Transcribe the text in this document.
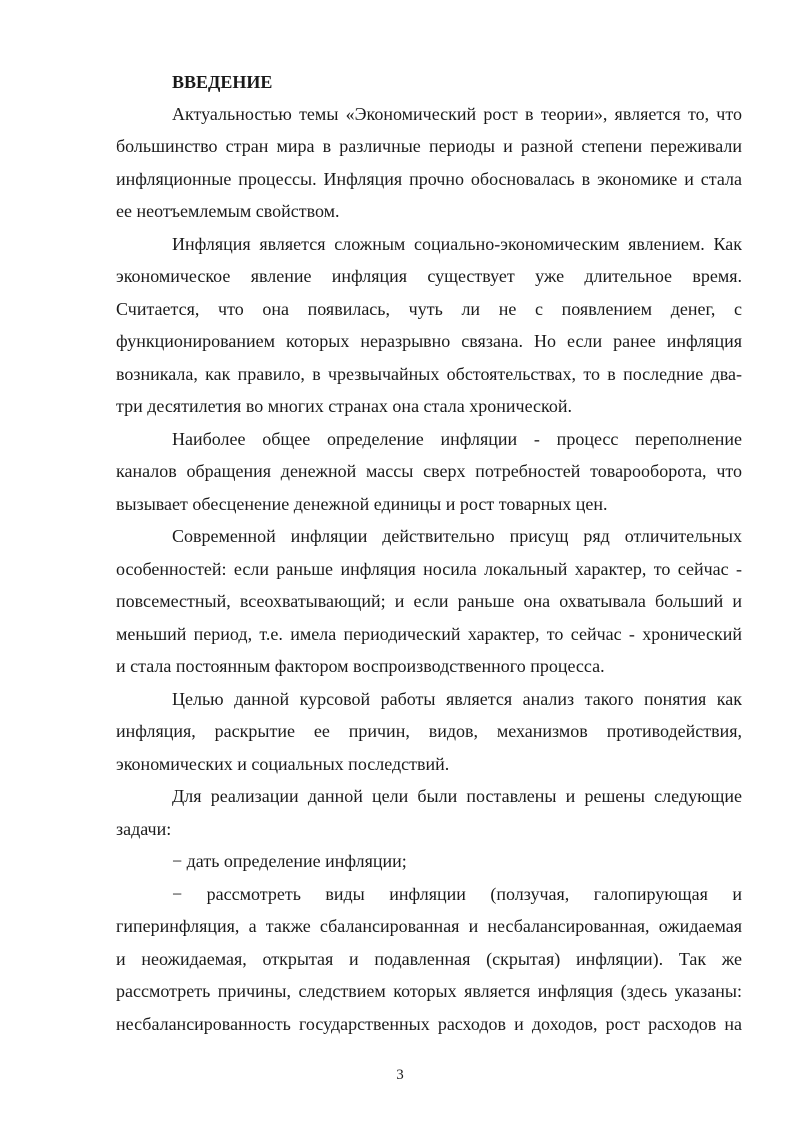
ВВЕДЕНИЕ
Актуальностью темы «Экономический рост в теории», является то, что
большинство стран мира в различные периоды и разной степени переживали
инфляционные процессы. Инфляция прочно обосновалась в экономике и стала
ее неотъемлемым свойством.
Инфляция является сложным социально-экономическим явлением. Как
экономическое явление инфляция существует уже длительное время.
Считается, что она появилась, чуть ли не с появлением денег, с
функционированием которых неразрывно связана. Но если ранее инфляция
возникала, как правило, в чрезвычайных обстоятельствах, то в последние два-
три десятилетия во многих странах она стала хронической.
Наиболее общее определение инфляции - процесс переполнение
каналов обращения денежной массы сверх потребностей товарооборота, что
вызывает обесценение денежной единицы и рост товарных цен.
Современной инфляции действительно присущ ряд отличительных
особенностей: если раньше инфляция носила локальный характер, то сейчас -
повсеместный, всеохватывающий; и если раньше она охватывала больший и
меньший период, т.е. имела периодический характер, то сейчас - хронический
и стала постоянным фактором воспроизводственного процесса.
Целью данной курсовой работы является анализ такого понятия как
инфляция, раскрытие ее причин, видов, механизмов противодействия,
экономических и социальных последствий.
Для реализации данной цели были поставлены и решены следующие
задачи:
− дать определение инфляции;
− рассмотреть виды инфляции (ползучая, галопирующая и
гиперинфляция, а также сбалансированная и несбалансированная, ожидаемая
и неожидаемая, открытая и подавленная (скрытая) инфляции). Так же
рассмотреть причины, следствием которых является инфляция (здесь указаны:
несбалансированность государственных расходов и доходов, рост расходов на
3
